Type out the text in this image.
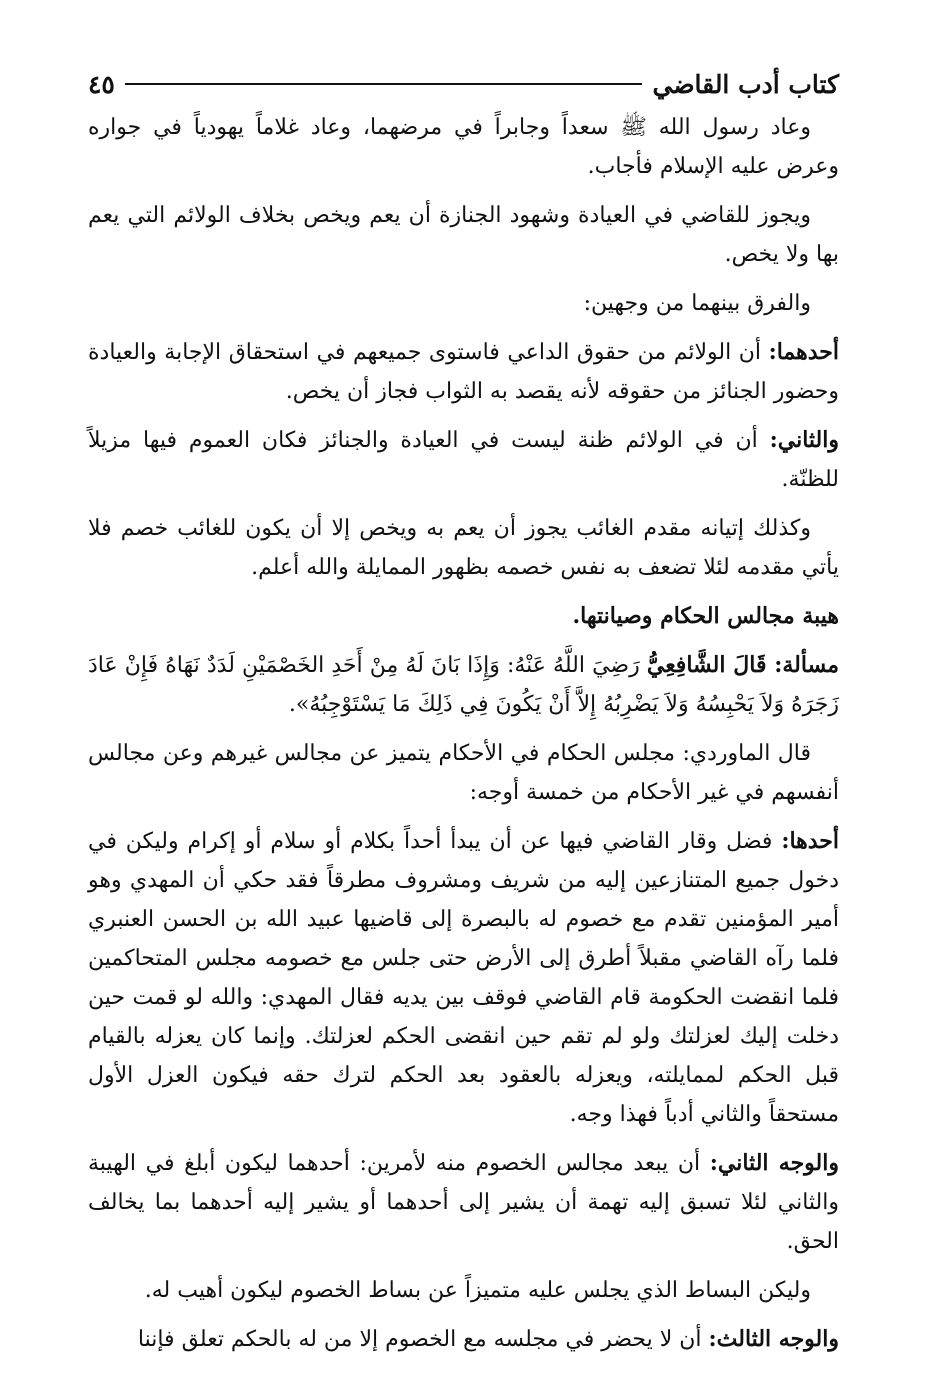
كتاب أدب القاضي
٤٥

وعاد رسول الله ﷺ سعداً وجابراً في مرضهما، وعاد غلاماً يهودياً في جواره وعرض عليه الإسلام فأجاب.

ويجوز للقاضي في العيادة وشهود الجنازة أن يعم ويخص بخلاف الولائم التي يعم بها ولا يخص.

والفرق بينهما من وجهين:

أحدهما: أن الولائم من حقوق الداعي فاستوى جميعهم في استحقاق الإجابة والعيادة وحضور الجنائز من حقوقه لأنه يقصد به الثواب فجاز أن يخص.

والثاني: أن في الولائم ظنة ليست في العيادة والجنائز فكان العموم فيها مزيلاً للظنّة.

وكذلك إتيانه مقدم الغائب يجوز أن يعم به ويخص إلا أن يكون للغائب خصم فلا يأتي مقدمه لئلا تضعف به نفس خصمه بظهور الممايلة والله أعلم.

هيبة مجالس الحكام وصيانتها.

مسألة: قَالَ الشَّافِعِيُّ رَضِيَ اللَّهُ عَنْهُ: وَإِذَا بَانَ لَهُ مِنْ أَحَدِ الخَصْمَيْنِ لَدَدٌ نَهَاهُ فَإِنْ عَادَ زَجَرَهُ وَلاَ يَحْبِسُهُ وَلاَ يَضْرِبُهُ إِلاَّ أَنْ يَكُونَ فِي ذَلِكَ مَا يَسْتَوْجِبُهُ».

قال الماوردي: مجلس الحكام في الأحكام يتميز عن مجالس غيرهم وعن مجالس أنفسهم في غير الأحكام من خمسة أوجه:

أحدها: فضل وقار القاضي فيها عن أن يبدأ أحداً بكلام أو سلام أو إكرام وليكن في دخول جميع المتنازعين إليه من شريف ومشروف مطرقاً فقد حكي أن المهدي وهو أمير المؤمنين تقدم مع خصوم له بالبصرة إلى قاضيها عبيد الله بن الحسن العنبري فلما رآه القاضي مقبلاً أطرق إلى الأرض حتى جلس مع خصومه مجلس المتحاكمين فلما انقضت الحكومة قام القاضي فوقف بين يديه فقال المهدي: والله لو قمت حين دخلت إليك لعزلتك ولو لم تقم حين انقضى الحكم لعزلتك. وإنما كان يعزله بالقيام قبل الحكم لممايلته، ويعزله بالعقود بعد الحكم لترك حقه فيكون العزل الأول مستحقاً والثاني أدباً فهذا وجه.

والوجه الثاني: أن يبعد مجالس الخصوم منه لأمرين: أحدهما ليكون أبلغ في الهيبة والثاني لئلا تسبق إليه تهمة أن يشير إلى أحدهما أو يشير إليه أحدهما بما يخالف الحق.

وليكن البساط الذي يجلس عليه متميزاً عن بساط الخصوم ليكون أهيب له.

والوجه الثالث: أن لا يحضر في مجلسه مع الخصوم إلا من له بالحكم تعلق فإننا
